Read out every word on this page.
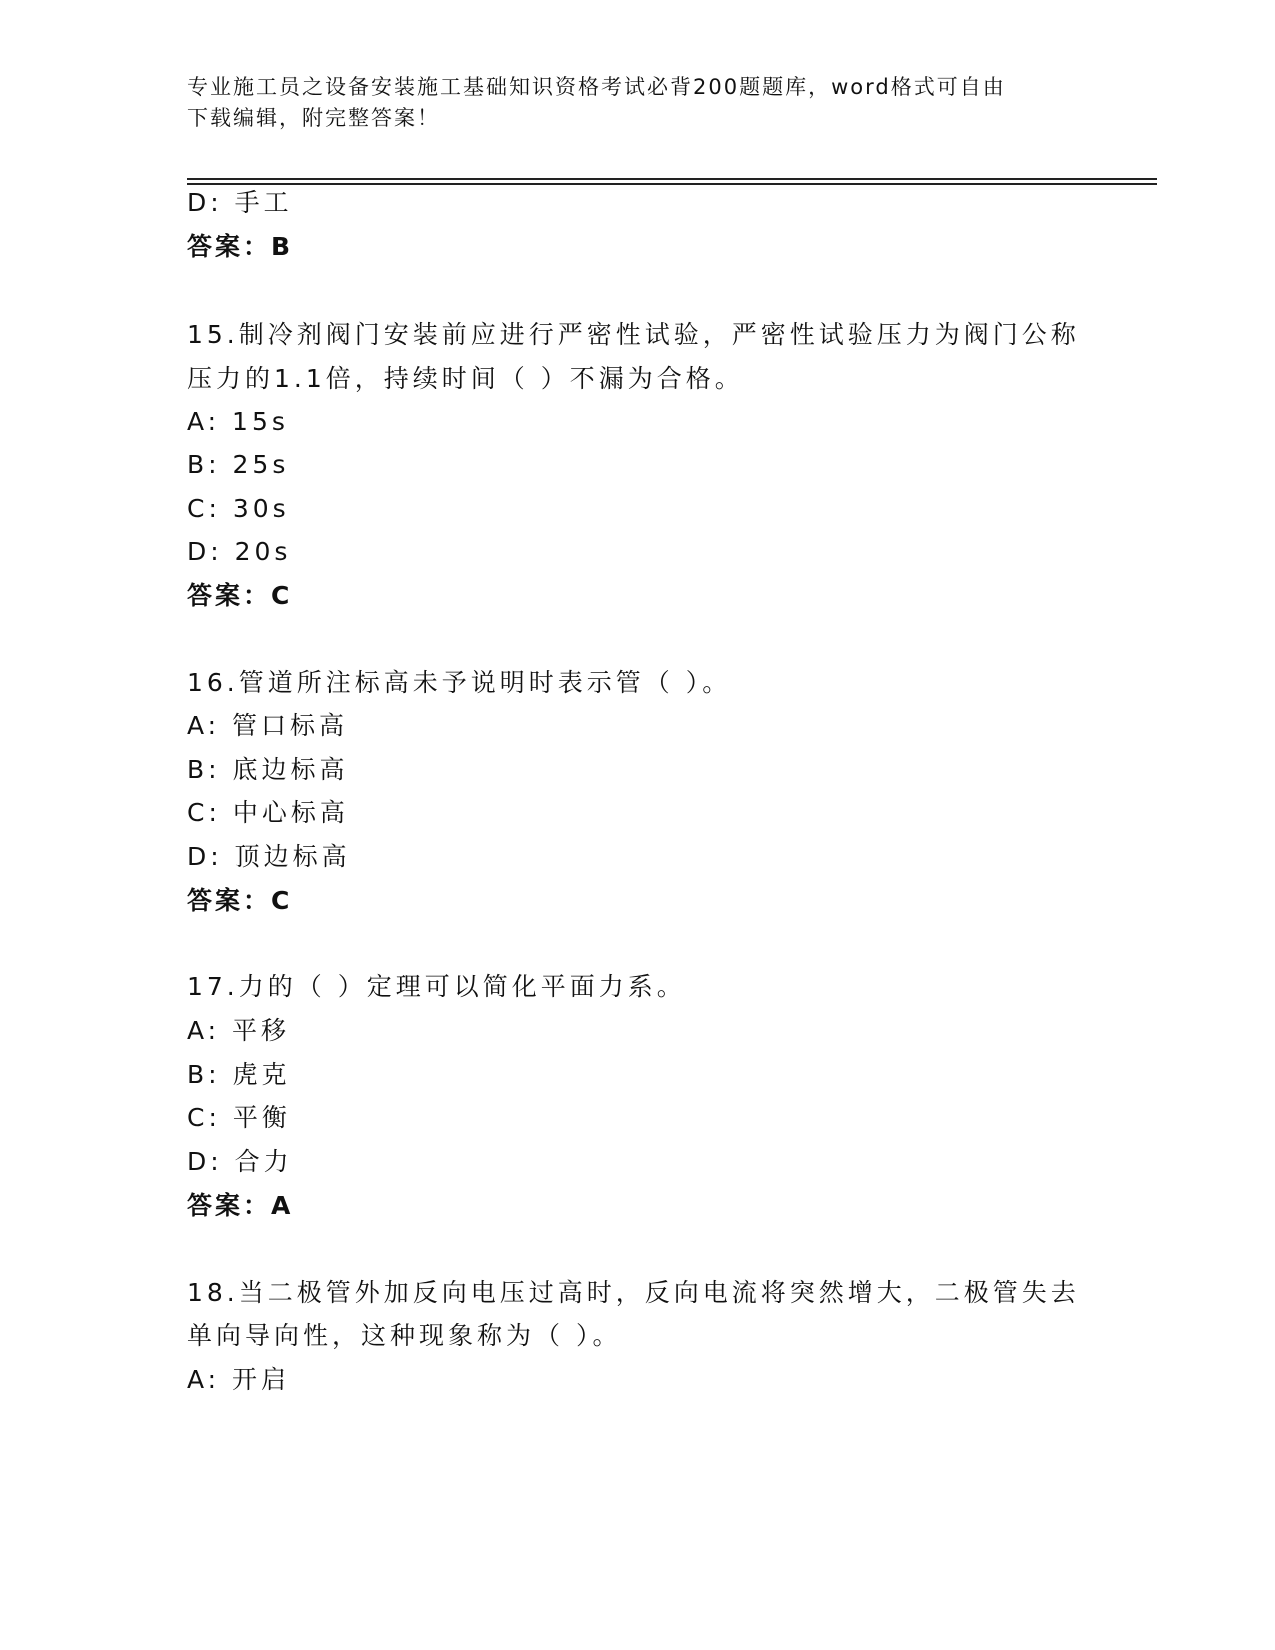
专业施工员之设备安装施工基础知识资格考试必背200题题库，word格式可自由
下载编辑，附完整答案！
D: 手工
答案：B
15.制冷剂阀门安装前应进行严密性试验，严密性试验压力为阀门公称
压力的1.1倍，持续时间（ ）不漏为合格。
A: 15s
B: 25s
C: 30s
D: 20s
答案：C
16.管道所注标高未予说明时表示管（ ）。
A: 管口标高
B: 底边标高
C: 中心标高
D: 顶边标高
答案：C
17.力的（ ）定理可以简化平面力系。
A: 平移
B: 虎克
C: 平衡
D: 合力
答案：A
18.当二极管外加反向电压过高时，反向电流将突然增大，二极管失去
单向导向性，这种现象称为（ ）。
A: 开启
